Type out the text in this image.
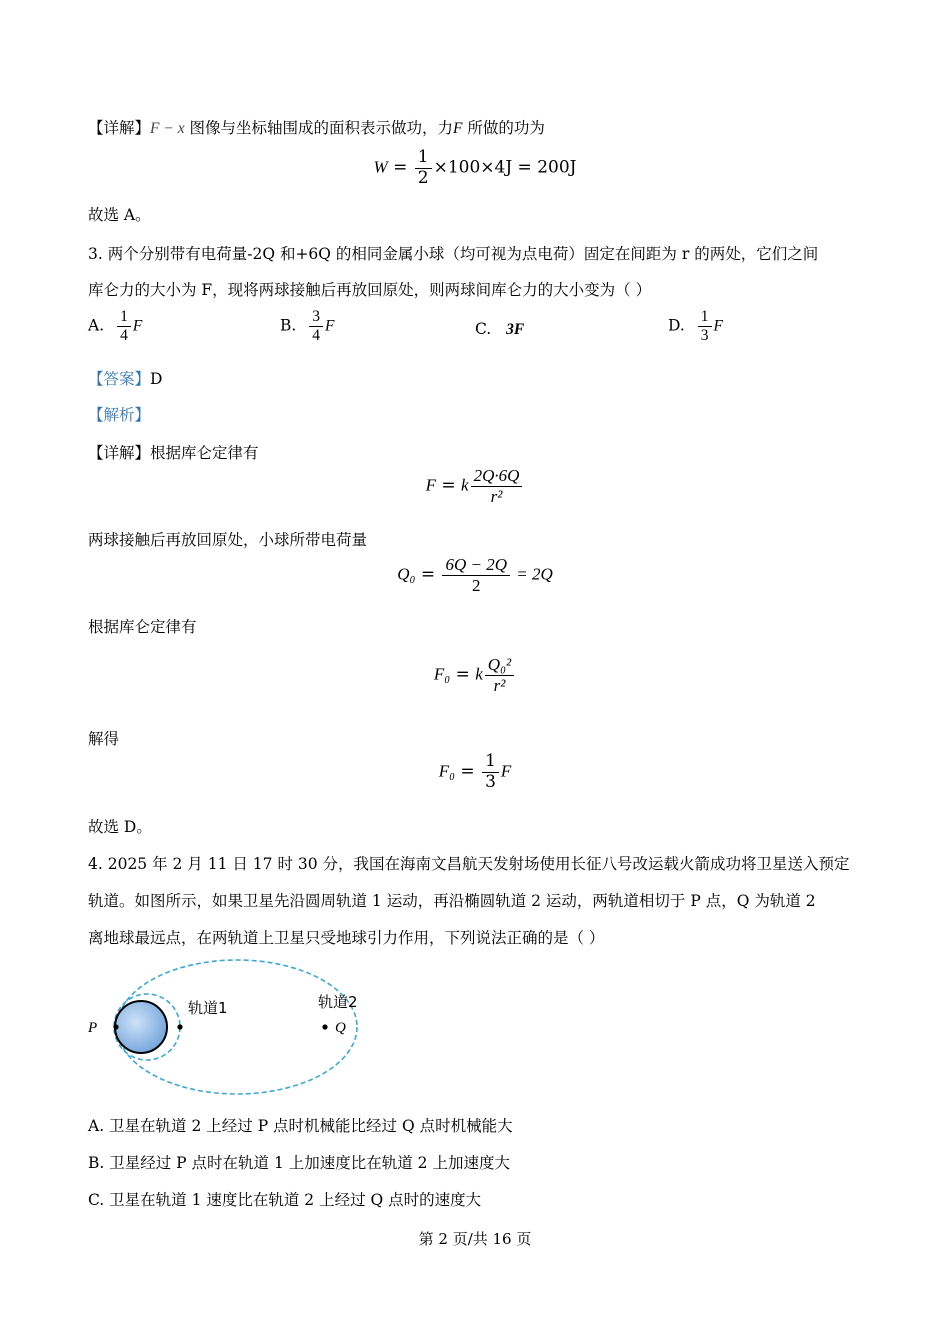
【详解】F − x 图像与坐标轴围成的面积表示做功，力F 所做的功为
$W = \frac{1}{2} \times 100\times 4J = 200J$
故选 A。
3. 两个分别带有电荷量-2Q 和+6Q 的相同金属小球（均可视为点电荷）固定在间距为 r 的两处，它们之间
库仑力的大小为 F，现将两球接触后再放回原处，则两球间库仑力的大小变为（ ）
A. $\frac{1}{4}$ F	B. $\frac{3}{4}$ F	C. 3F	D. $\frac{1}{3}$ F
【答案】D
【解析】
【详解】根据库仑定律有
F = k $\frac{2Q\cdot 6Q}{\text{r²}}$
两球接触后再放回原处，小球所带电荷量
$Q_0 = \frac{6Q - 2Q}{2} = 2Q$
根据库仑定律有
F₀ = k $\frac{\text{Q₀²}}{\text{r²}}$
解得
$F_0 = \frac{1}{3}$ F
故选 D。
4. 2025 年 2 月 11 日 17 时 30 分，我国在海南文昌航天发射场使用长征八号改运载火箭成功将卫星送入预定
轨道。如图所示，如果卫星先沿圆周轨道 1 运动，再沿椭圆轨道 2 运动，两轨道相切于 P 点，Q 为轨道 2
离地球最远点，在两轨道上卫星只受地球引力作用，下列说法正确的是（ ）
P	Q
轨道1	轨道2
A. 卫星在轨道 2 上经过 P 点时机械能比经过 Q 点时机械能大
B. 卫星经过 P 点时在轨道 1 上加速度比在轨道 2 上加速度大
C. 卫星在轨道 1 速度比在轨道 2 上经过 Q 点时的速度大
第 2 页/共 16 页
